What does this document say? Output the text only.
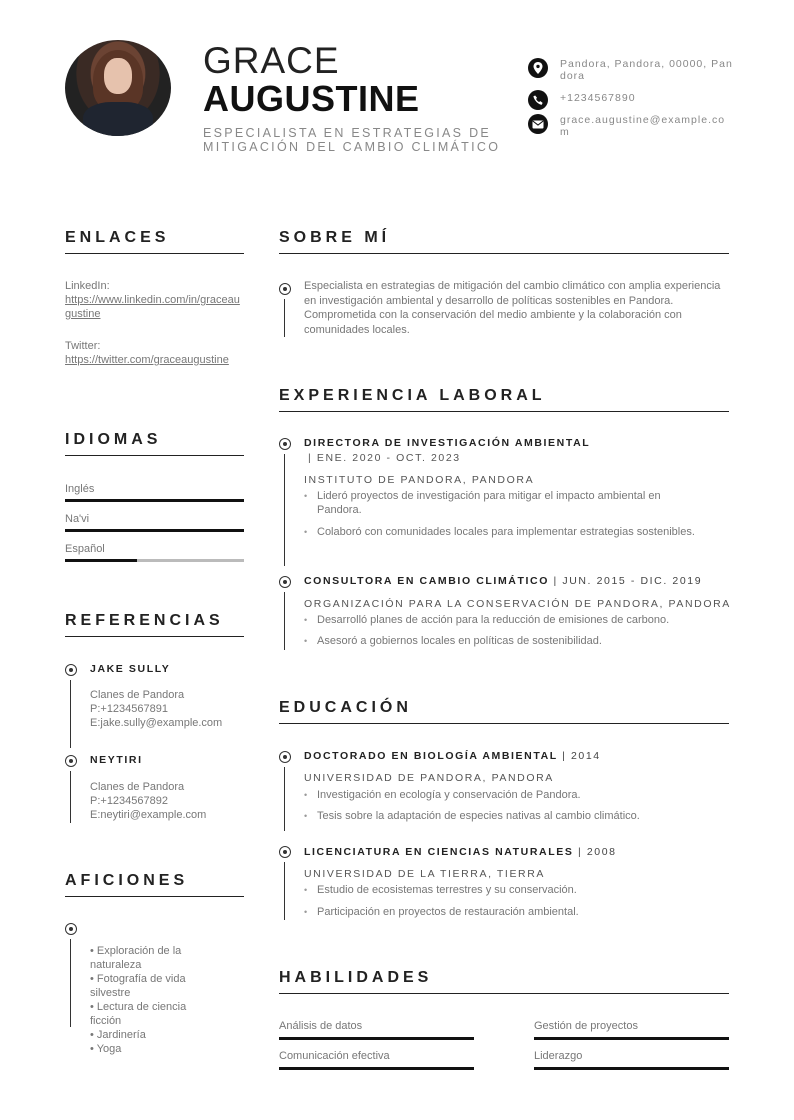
GRACE
AUGUSTINE
ESPECIALISTA EN ESTRATEGIAS DE MITIGACIÓN DEL CAMBIO CLIMÁTICO
Pandora, Pandora, 00000, Pandora
+1234567890
grace.augustine@example.com
ENLACES
LinkedIn:
https://www.linkedin.com/in/graceaugustine
Twitter:
https://twitter.com/graceaugustine
IDIOMAS
Inglés
Na'vi
Español
REFERENCIAS
JAKE SULLY
Clanes de Pandora
P:+1234567891
E:jake.sully@example.com
NEYTIRI
Clanes de Pandora
P:+1234567892
E:neytiri@example.com
AFICIONES
• Exploración de la naturaleza
• Fotografía de vida silvestre
• Lectura de ciencia ficción
• Jardinería
• Yoga
SOBRE MÍ
Especialista en estrategias de mitigación del cambio climático con amplia experiencia en investigación ambiental y desarrollo de políticas sostenibles en Pandora. Comprometida con la conservación del medio ambiente y la colaboración con comunidades locales.
EXPERIENCIA LABORAL
DIRECTORA DE INVESTIGACIÓN AMBIENTAL
| ENE. 2020 - OCT. 2023
INSTITUTO DE PANDORA, PANDORA
• Lideró proyectos de investigación para mitigar el impacto ambiental en Pandora.
• Colaboró con comunidades locales para implementar estrategias sostenibles.
CONSULTORA EN CAMBIO CLIMÁTICO | JUN. 2015 - DIC. 2019
ORGANIZACIÓN PARA LA CONSERVACIÓN DE PANDORA, PANDORA
• Desarrolló planes de acción para la reducción de emisiones de carbono.
• Asesoró a gobiernos locales en políticas de sostenibilidad.
EDUCACIÓN
DOCTORADO EN BIOLOGÍA AMBIENTAL | 2014
UNIVERSIDAD DE PANDORA, PANDORA
• Investigación en ecología y conservación de Pandora.
• Tesis sobre la adaptación de especies nativas al cambio climático.
LICENCIATURA EN CIENCIAS NATURALES | 2008
UNIVERSIDAD DE LA TIERRA, TIERRA
• Estudio de ecosistemas terrestres y su conservación.
• Participación en proyectos de restauración ambiental.
HABILIDADES
Análisis de datos	Gestión de proyectos
Comunicación efectiva	Liderazgo
